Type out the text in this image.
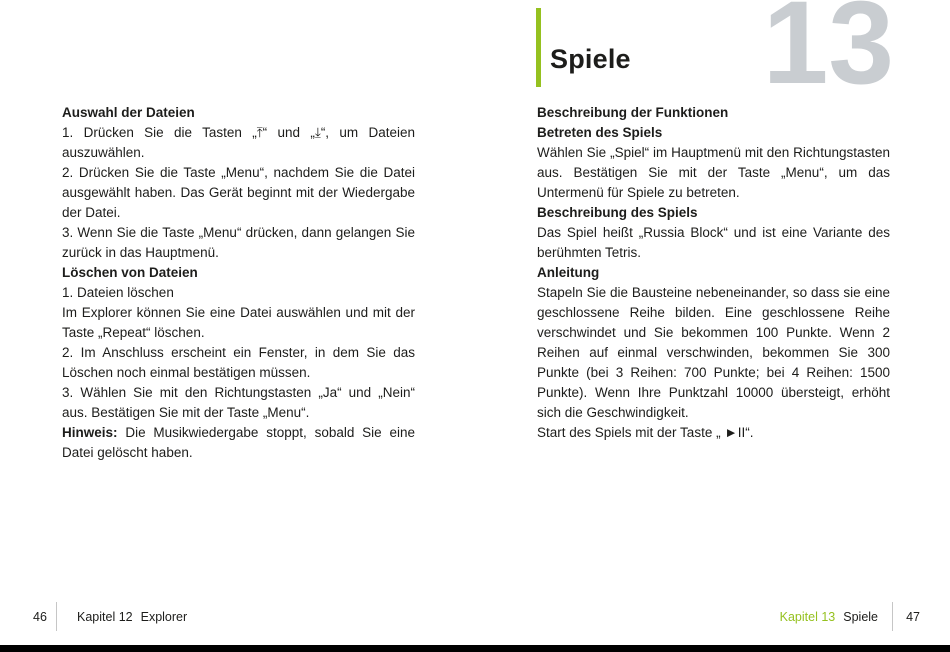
Spiele 13
Auswahl der Dateien

1. Drücken Sie die Tasten „⤒“ und „⤓“, um Dateien auszuwählen.

2. Drücken Sie die Taste „Menu“, nachdem Sie die Datei ausgewählt haben. Das Gerät beginnt mit der Wiedergabe der Datei.

3. Wenn Sie die Taste „Menu“ drücken, dann gelangen Sie zurück in das Hauptmenü.

Löschen von Dateien

1. Dateien löschen

Im Explorer können Sie eine Datei auswählen und mit der Taste „Repeat“ löschen.

2. Im Anschluss erscheint ein Fenster, in dem Sie das Löschen noch einmal bestätigen müssen.

3. Wählen Sie mit den Richtungstasten „Ja“ und „Nein“ aus. Bestätigen Sie mit der Taste „Menu“.

Hinweis: Die Musikwiedergabe stoppt, sobald Sie eine Datei gelöscht haben.

Beschreibung der Funktionen
Betreten des Spiels

Wählen Sie „Spiel“ im Hauptmenü mit den Richtungstasten aus. Bestätigen Sie mit der Taste „Menu“, um das Untermenü für Spiele zu betreten.

Beschreibung des Spiels

Das Spiel heißt „Russia Block“ und ist eine Variante des berühmten Tetris.

Anleitung

Stapeln Sie die Bausteine nebeneinander, so dass sie eine geschlossene Reihe bilden. Eine geschlossene Reihe verschwindet und Sie bekommen 100 Punkte. Wenn 2 Reihen auf einmal verschwinden, bekommen Sie 300 Punkte (bei 3 Reihen: 700 Punkte; bei 4 Reihen: 1500 Punkte). Wenn Ihre Punktzahl 10000 übersteigt, erhöht sich die Geschwindigkeit.

Start des Spiels mit der Taste „ ►II“.

46 Kapitel 12 Explorer	Kapitel 13 Spiele 47
